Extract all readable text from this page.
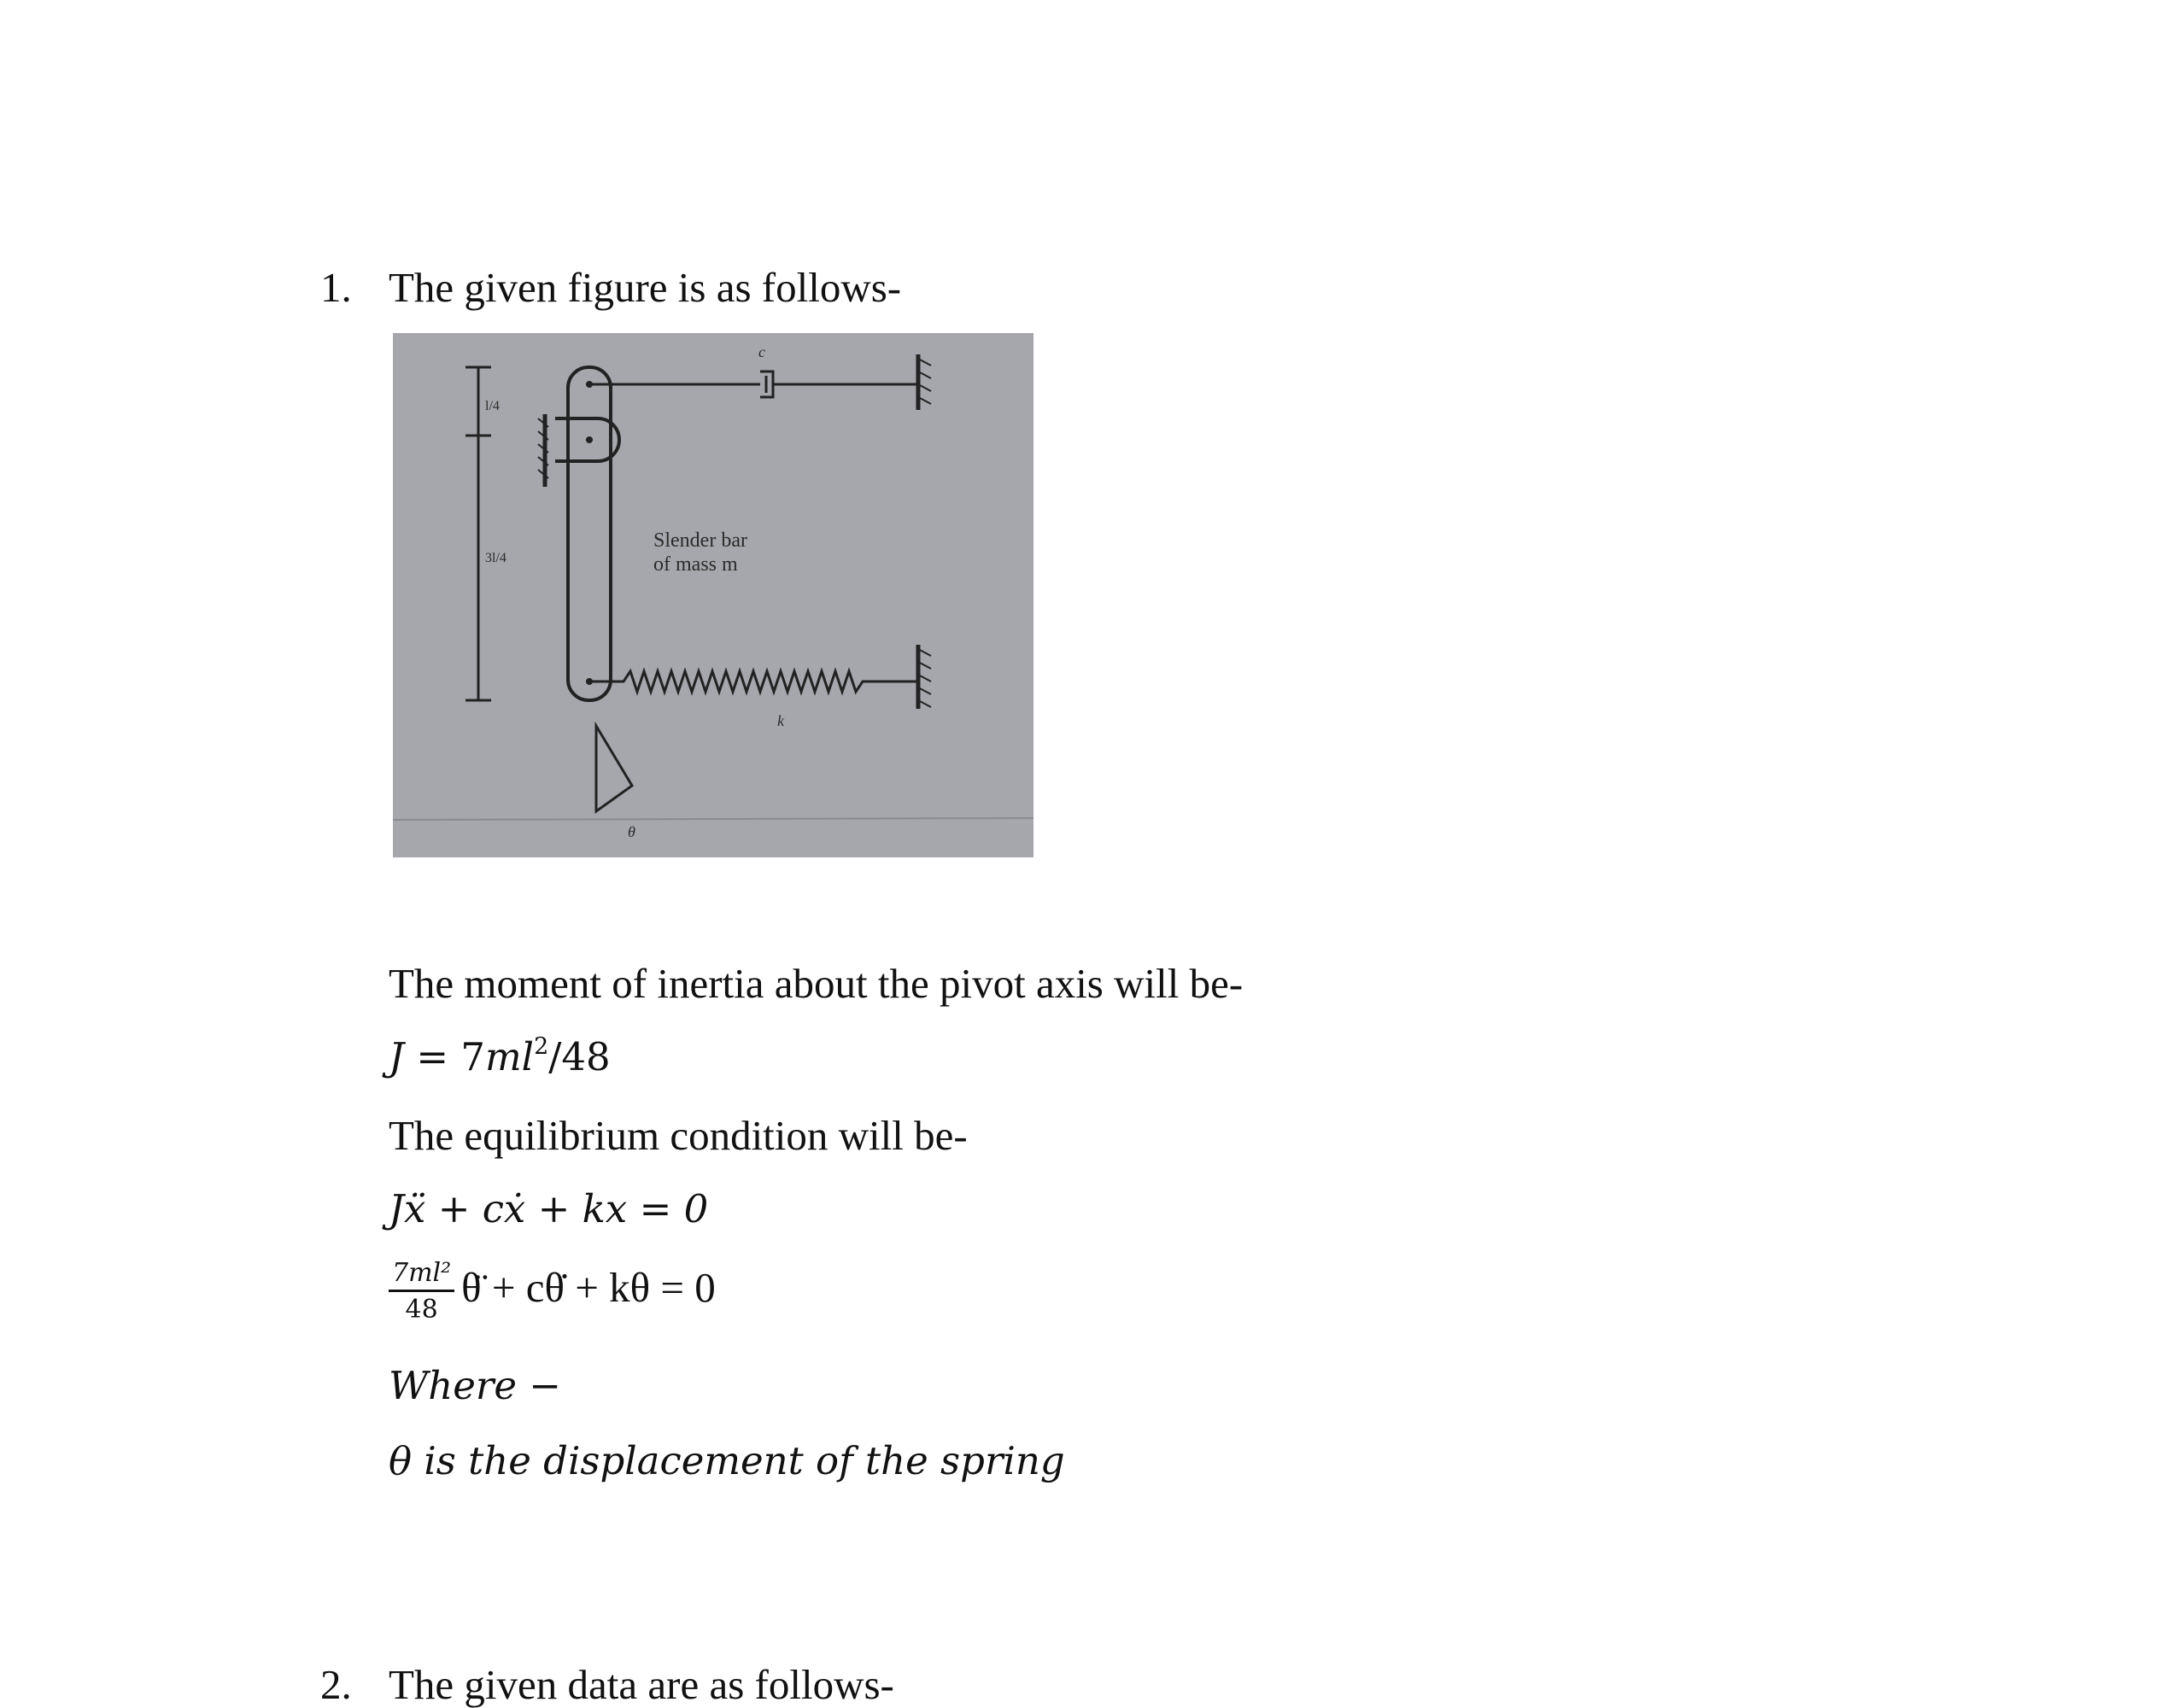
1. The given figure is as follows-
Slender bar
of mass m
c
k
θ
l/4
3l/4
The moment of inertia about the pivot axis will be-
$J = 7ml^2/48$
The equilibrium condition will be-
Jẍ + cẋ + kx = 0
$\frac{\text{7ml²}}{48}$ θ̈ + cθ̇ + kθ = 0
Where −
θ is the displacement of the spring
2. The given data are as follows-
